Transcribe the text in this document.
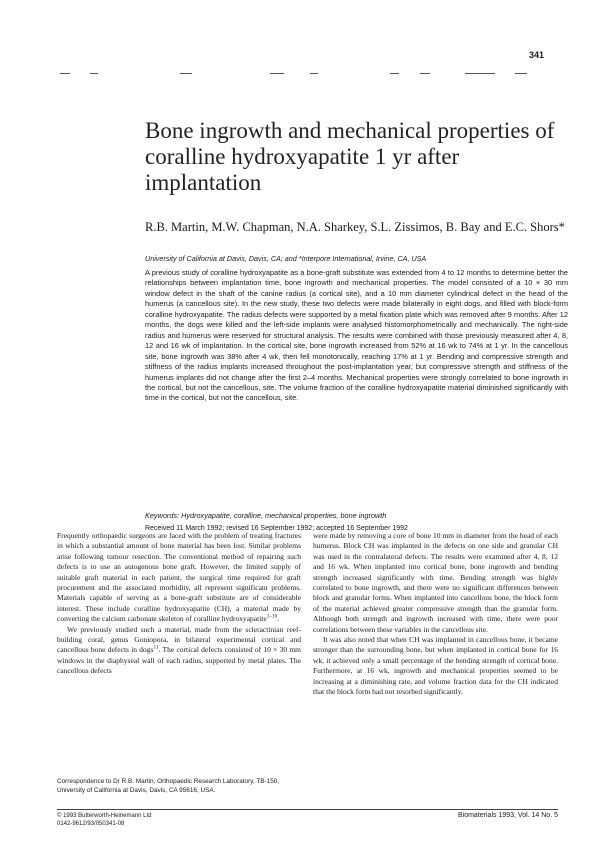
341
Bone ingrowth and mechanical properties of coralline hydroxyapatite 1 yr after implantation
R.B. Martin, M.W. Chapman, N.A. Sharkey, S.L. Zissimos, B. Bay and E.C. Shors*
University of California at Davis, Davis, CA; and *Interpore International, Irvine, CA, USA
A previous study of coralline hydroxyapatite as a bone-graft substitute was extended from 4 to 12 months to determine better the relationships between implantation time, bone ingrowth and mechanical properties. The model consisted of a 10 × 30 mm window defect in the shaft of the canine radius (a cortical site), and a 10 mm diameter cylindrical defect in the head of the humerus (a cancellous site). In the new study, these two defects were made bilaterally in eight dogs, and filled with block-form coralline hydroxyapatite. The radius defects were supported by a metal fixation plate which was removed after 9 months. After 12 months, the dogs were killed and the left-side implants were analysed histomorphometrically and mechanically. The right-side radius and humerus were reserved for structural analysis. The results were combined with those previously measured after 4, 8, 12 and 16 wk of implantation. In the cortical site, bone ingrowth increased from 52% at 16 wk to 74% at 1 yr. In the cancellous site, bone ingrowth was 38% after 4 wk, then fell monotonically, reaching 17% at 1 yr. Bending and compressive strength and stiffness of the radius implants increased throughout the post-implantation year, but compressive strength and stiffness of the humerus implants did not change after the first 2–4 months. Mechanical properties were strongly correlated to bone ingrowth in the cortical, but not the cancellous, site. The volume fraction of the coralline hydroxyapatite material diminished significantly with time in the cortical, but not the cancellous, site.
Keywords: Hydroxyapatite, coralline, mechanical properties, bone ingrowth
Received 11 March 1992; revised 16 September 1992; accepted 16 September 1992

Frequently orthopaedic surgeons are faced with the problem of treating fractures in which a substantial amount of bone material has been lost. Similar problems arise following tumour resection. The conventional method of repairing such defects is to use an autogenous bone graft. However, the limited supply of suitable graft material in each patient, the surgical time required for graft procurement and the associated morbidity, all represent significant problems. Materials capable of serving as a bone-graft substitute are of considerable interest. These include coralline hydroxyapatite (CH), a material made by converting the calcium carbonate skeleton of coralline hydroxyapatite$^{1-10}$.

We previously studied such a material, made from the scleractinian reef-building coral, genus Goniopora, in bilateral experimental cortical and cancellous bone defects in dogs$^{11}$. The cortical defects consisted of 10 × 30 mm windows in the diaphyseal wall of each radius, supported by metal plates. The cancellous defects

were made by removing a core of bone 10 mm in diameter from the head of each humerus. Block CH was implanted in the defects on one side and granular CH was used in the contralateral defects. The results were examined after 4, 8, 12 and 16 wk. When implanted into cortical bone, bone ingrowth and bending strength increased significantly with time. Bending strength was highly correlated to bone ingrowth, and there were no significant differences between block and granular forms. When implanted into cancellous bone, the block form of the material achieved greater compressive strength than the granular form. Although both strength and ingrowth increased with time, there were poor correlations between these variables in the cancellous site.

It was also noted that when CH was implanted in cancellous bone, it became stronger than the surrounding bone, but when implanted in cortical bone for 16 wk, it achieved only a small percentage of the bending strength of cortical bone. Furthermore, at 16 wk, ingrowth and mechanical properties seemed to be increasing at a diminishing rate, and volume fraction data for the CH indicated that the block form had not resorbed significantly.

Correspondence to Dr R.B. Martin, Orthopaedic Research Laboratory, TB-150, University of California at Davis, Davis, CA 95616, USA.
© 1993 Butterworth-Heinemann Ltd
0142-9612/93/050341-08
Biomaterials 1993, Vol. 14 No. 5
